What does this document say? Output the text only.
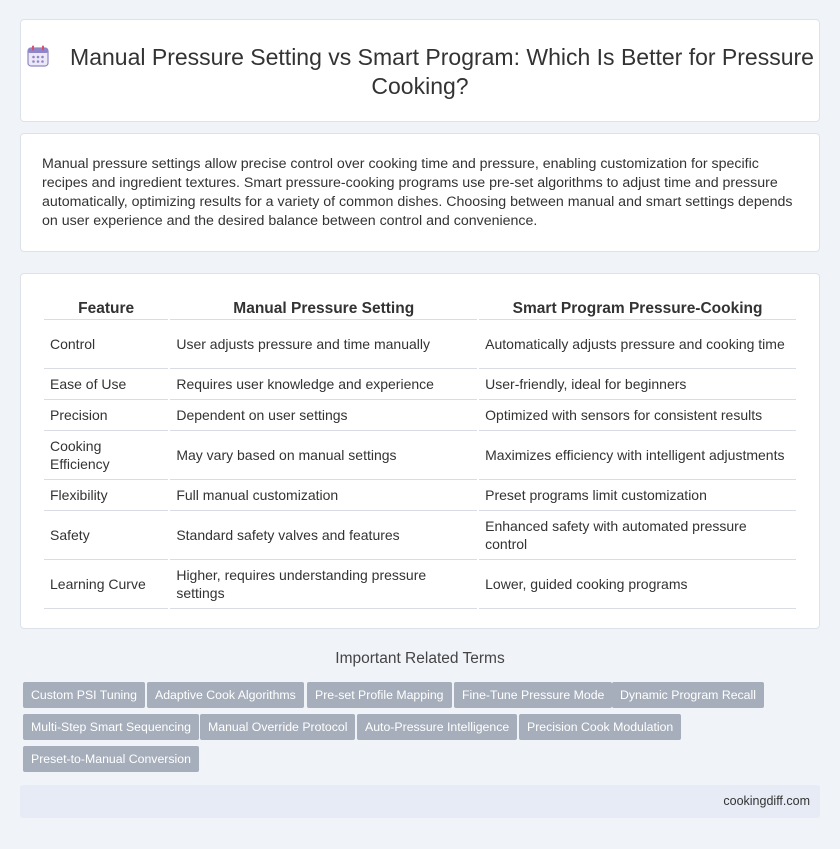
Manual Pressure Setting vs Smart Program: Which Is Better for Pressure Cooking?

Manual pressure settings allow precise control over cooking time and pressure, enabling customization for specific recipes and ingredient textures. Smart pressure-cooking programs use pre-set algorithms to adjust time and pressure automatically, optimizing results for a variety of common dishes. Choosing between manual and smart settings depends on user experience and the desired balance between control and convenience.

Feature	Manual Pressure Setting	Smart Program Pressure-Cooking
Control	User adjusts pressure and time manually	Automatically adjusts pressure and cooking time
Ease of Use	Requires user knowledge and experience	User-friendly, ideal for beginners
Precision	Dependent on user settings	Optimized with sensors for consistent results
Cooking Efficiency	May vary based on manual settings	Maximizes efficiency with intelligent adjustments
Flexibility	Full manual customization	Preset programs limit customization
Safety	Standard safety valves and features	Enhanced safety with automated pressure control
Learning Curve	Higher, requires understanding pressure settings	Lower, guided cooking programs
Important Related Terms
Custom PSI Tuning	Adaptive Cook Algorithms	Pre-set Profile Mapping	Fine-Tune Pressure Mode	Dynamic Program Recall
Multi-Step Smart Sequencing	Manual Override Protocol	Auto-Pressure Intelligence	Precision Cook Modulation
Preset-to-Manual Conversion
cookingdiff.com
